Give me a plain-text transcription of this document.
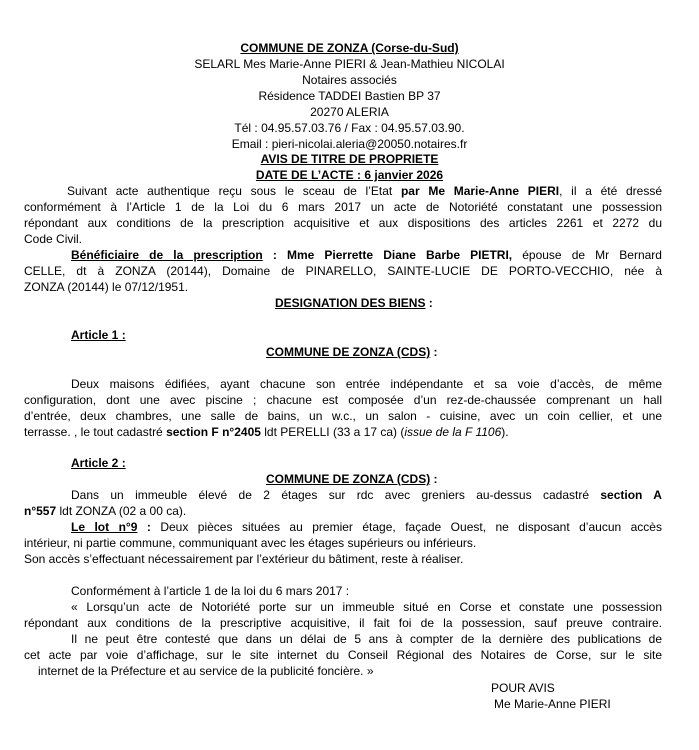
COMMUNE DE ZONZA (Corse-du-Sud)
SELARL Mes Marie-Anne PIERI & Jean-Mathieu NICOLAI
Notaires associés
Résidence TADDEI Bastien BP 37
20270 ALERIA
Tél : 04.95.57.03.76 / Fax : 04.95.57.03.90.
Email : pieri-nicolai.aleria@20050.notaires.fr
AVIS DE TITRE DE PROPRIETE
DATE DE L’ACTE : 6 janvier 2026
Suivant acte authentique reçu sous le sceau de l’Etat par Me Marie-Anne PIERI, il a été dressé
conformément à l’Article 1 de la Loi du 6 mars 2017 un acte de Notoriété constatant une possession
répondant aux conditions de la prescription acquisitive et aux dispositions des articles 2261 et 2272 du
Code Civil.
Bénéficiaire de la prescription : Mme Pierrette Diane Barbe PIETRI, épouse de Mr Bernard
CELLE, dt à ZONZA (20144), Domaine de PINARELLO, SAINTE-LUCIE DE PORTO-VECCHIO, née à
ZONZA (20144) le 07/12/1951.
DESIGNATION DES BIENS :
Article 1 :
COMMUNE DE ZONZA (CDS) :
Deux maisons édifiées, ayant chacune son entrée indépendante et sa voie d’accès, de même
configuration, dont une avec piscine ; chacune est composée d’un rez-de-chaussée comprenant un hall
d’entrée, deux chambres, une salle de bains, un w.c., un salon - cuisine, avec un coin cellier, et une
terrasse. , le tout cadastré section F n°2405 ldt PERELLI (33 a 17 ca) (issue de la F 1106).
Article 2 :
COMMUNE DE ZONZA (CDS) :
Dans un immeuble élevé de 2 étages sur rdc avec greniers au-dessus cadastré section A
n°557 ldt ZONZA (02 a 00 ca).
Le lot n°9 : Deux pièces situées au premier étage, façade Ouest, ne disposant d’aucun accès
intérieur, ni partie commune, communiquant avec les étages supérieurs ou inférieurs.
Son accès s’effectuant nécessairement par l’extérieur du bâtiment, reste à réaliser.
Conformément à l’article 1 de la loi du 6 mars 2017 :
« Lorsqu’un acte de Notoriété porte sur un immeuble situé en Corse et constate une possession
répondant aux conditions de la prescriptive acquisitive, il fait foi de la possession, sauf preuve contraire.
Il ne peut être contesté que dans un délai de 5 ans à compter de la dernière des publications de
cet acte par voie d’affichage, sur le site internet du Conseil Régional des Notaires de Corse, sur le site
internet de la Préfecture et au service de la publicité foncière. »
POUR AVIS
Me Marie-Anne PIERI
